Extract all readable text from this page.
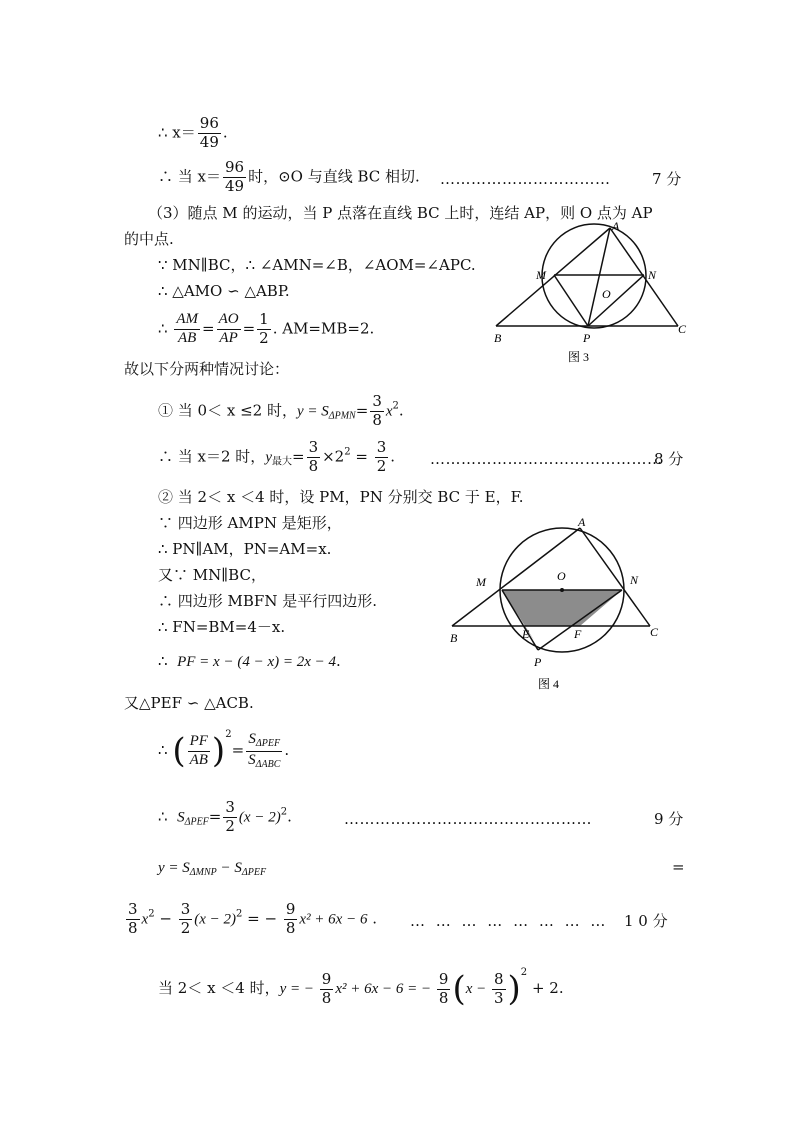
∴ $x= \frac{96}{49}$ .
∴ 当 $x= \frac{96}{49}$ 时，⊙O 与直线 BC 相切. ……………………………	7 分
（3）随点 M 的运动，当 P 点落在直线 BC 上时，连结 AP，则 O 点为 AP
的中点.
∵ MN∥BC，∴ ∠AMN=∠B，∠AOM=∠APC.
∴ △AMO ∽ △ABP.
∴ $\frac{AM}{AB} = \frac{AO}{AP} = \frac{1}{2}$ . AM=MB=2.
A
M	N
O
B	P
C
图 3
故以下分两种情况讨论：
① 当 0＜ x ≤2 时，$y = S_{\Delta PMN}= \frac{3}{8} x^2$.
∴ 当 x＝2 时，$y_{最大}= \frac{3}{8} \times 2^2 = \frac{3}{2}$ . ………………………………………
8 分
② 当 2＜ x ＜4 时，设 PM，PN 分别交 BC 于 E，F.
∵ 四边形 AMPN 是矩形，
∴ PN∥AM，PN=AM=x.
又∵ MN∥BC，
∴ 四边形 MBFN 是平行四边形.
∴ FN=BM=4－x.
∴ PF = x − (4 − x) = 2x − 4.
A
M	N
O
B	E	F	C
P
图 4
又△PEF ∽ △ACB.
∴ ( $\frac{PF}{AB} )^2= \frac{S_{\Delta PEF}}{S_{\Delta ABC}}$ .
∴ $S_{\Delta PEF}= \frac{3}{2} (x - 2)^2$.	…………………………………………	9 分
$y = S_{\Delta MNP} - S_{\Delta PEF}$	=
$\frac{3}{8} x^2 - \frac{3}{2} (x - 2)^2$ = − $\frac{9}{8} x^2 + 6x - 6$ . … … … … … … … … 1 0 分
当 2＜ x ＜4 时，y = − $\frac{9}{8} x^2 + 6x - 6$ = − $\frac{9}{8} (x - \frac{8}{3} )^2 + 2$.
